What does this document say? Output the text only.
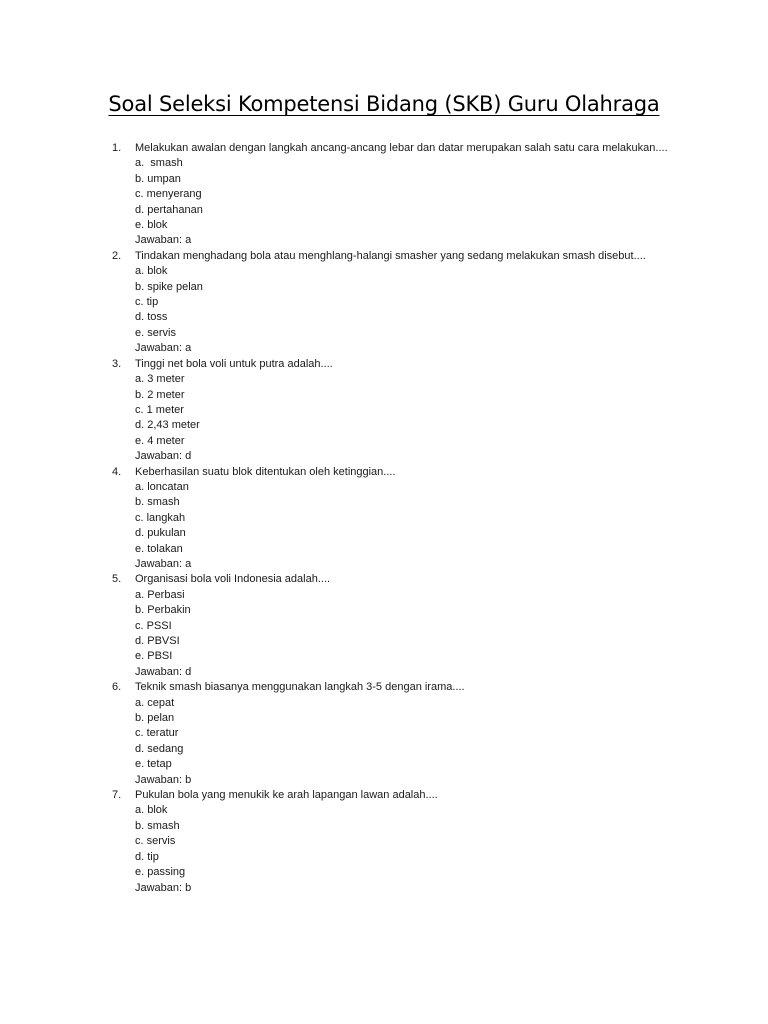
Soal Seleksi Kompetensi Bidang (SKB) Guru Olahraga
1. Melakukan awalan dengan langkah ancang-ancang lebar dan datar merupakan salah satu cara melakukan....
a.  smash
b. umpan
c. menyerang
d. pertahanan
e. blok
Jawaban: a
2. Tindakan menghadang bola atau menghlang-halangi smasher yang sedang melakukan smash disebut....
a. blok
b. spike pelan
c. tip
d. toss
e. servis
Jawaban: a
3. Tinggi net bola voli untuk putra adalah....
a. 3 meter
b. 2 meter
c. 1 meter
d. 2,43 meter
e. 4 meter
Jawaban: d
4. Keberhasilan suatu blok ditentukan oleh ketinggian....
a. loncatan
b. smash
c. langkah
d. pukulan
e. tolakan
Jawaban: a
5. Organisasi bola voli Indonesia adalah....
a. Perbasi
b. Perbakin
c. PSSI
d. PBVSI
e. PBSI
Jawaban: d
6. Teknik smash biasanya menggunakan langkah 3-5 dengan irama....
a. cepat
b. pelan
c. teratur
d. sedang
e. tetap
Jawaban: b
7. Pukulan bola yang menukik ke arah lapangan lawan adalah....
a. blok
b. smash
c. servis
d. tip
e. passing
Jawaban: b
